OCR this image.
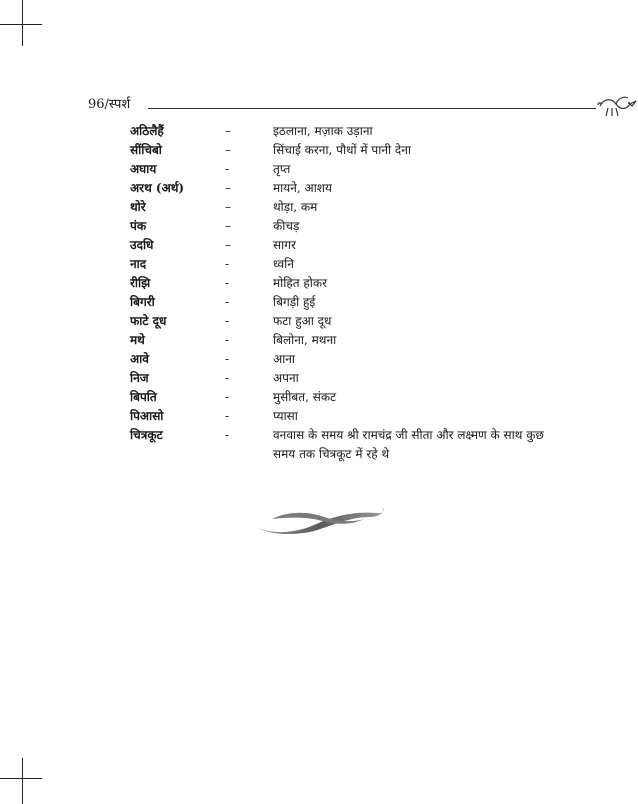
96/स्पर्श
अठिलैहैं	–	इठलाना, मज़ाक उड़ाना
सींचिबो	–	सिंचाई करना, पौधों में पानी देना
अघाय	-	तृप्त
अरथ (अर्थ)	–	मायने, आशय
थोरे	–	थोड़ा, कम
पंक	–	कीचड़
उदधि	–	सागर
नाद	-	ध्वनि
रीझि	-	मोहित होकर
बिगरी	-	बिगड़ी हुई
फाटे दूध	-	फटा हुआ दूध
मथे	-	बिलोना, मथना
आवे	-	आना
निज	-	अपना
बिपति	-	मुसीबत, संकट
पिआसो	-	प्यासा
चित्रकूट	-	वनवास के समय श्री रामचंद्र जी सीता और लक्ष्मण के साथ कुछ समय तक चित्रकूट में रहे थे
